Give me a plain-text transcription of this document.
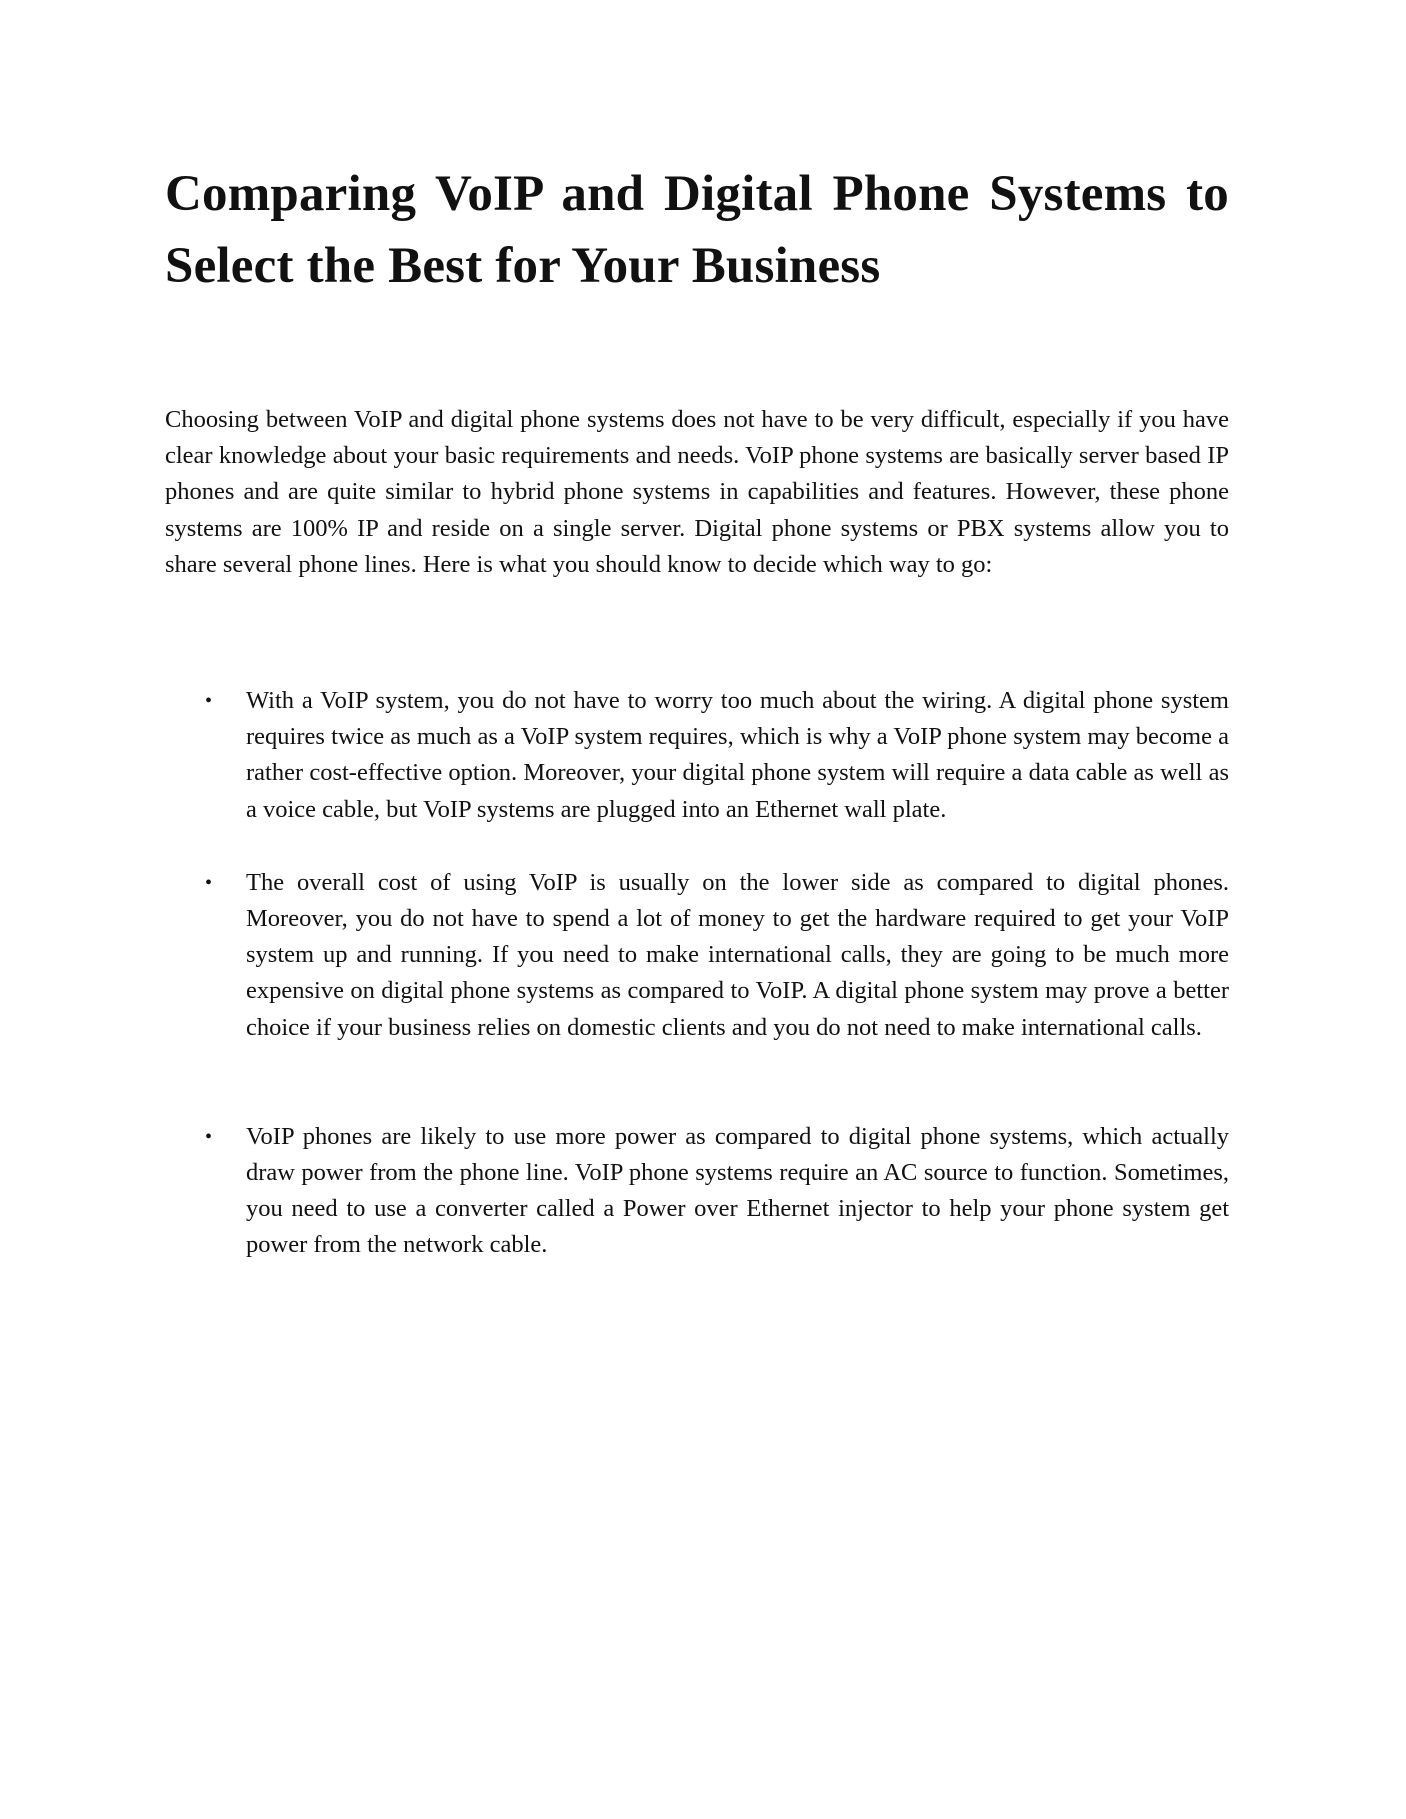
Comparing VoIP and Digital Phone Systems to Select the Best for Your Business

Choosing between VoIP and digital phone systems does not have to be very difficult, especially if you have clear knowledge about your basic requirements and needs. VoIP phone systems are basically server based IP phones and are quite similar to hybrid phone systems in capabilities and features. However, these phone systems are 100% IP and reside on a single server. Digital phone systems or PBX systems allow you to share several phone lines. Here is what you should know to decide which way to go:

• With a VoIP system, you do not have to worry too much about the wiring. A digital phone system requires twice as much as a VoIP system requires, which is why a VoIP phone system may become a rather cost-effective option. Moreover, your digital phone system will require a data cable as well as a voice cable, but VoIP systems are plugged into an Ethernet wall plate.
• The overall cost of using VoIP is usually on the lower side as compared to digital phones. Moreover, you do not have to spend a lot of money to get the hardware required to get your VoIP system up and running. If you need to make international calls, they are going to be much more expensive on digital phone systems as compared to VoIP. A digital phone system may prove a better choice if your business relies on domestic clients and you do not need to make international calls.
• VoIP phones are likely to use more power as compared to digital phone systems, which actually draw power from the phone line. VoIP phone systems require an AC source to function. Sometimes, you need to use a converter called a Power over Ethernet injector to help your phone system get power from the network cable.
